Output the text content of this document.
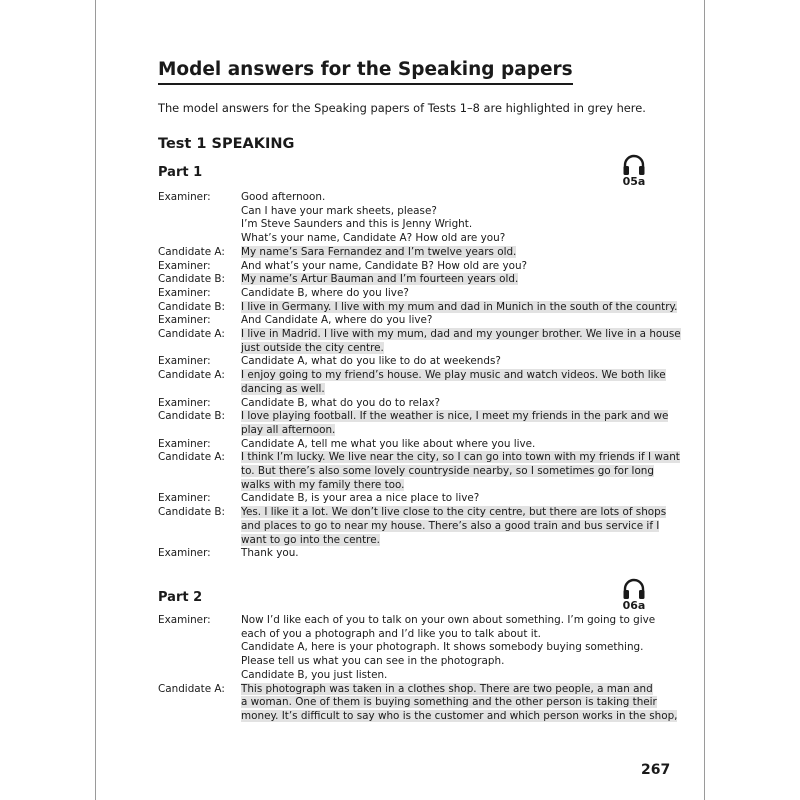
Model answers for the Speaking papers
The model answers for the Speaking papers of Tests 1–8 are highlighted in grey here.
Test 1 SPEAKING
Part 1
05a
Examiner:	Good afternoon.
Can I have your mark sheets, please?
I’m Steve Saunders and this is Jenny Wright.
What’s your name, Candidate A? How old are you?
Candidate A:	My name’s Sara Fernandez and I’m twelve years old.
Examiner:	And what’s your name, Candidate B? How old are you?
Candidate B:	My name’s Artur Bauman and I’m fourteen years old.
Examiner:	Candidate B, where do you live?
Candidate B:	I live in Germany. I live with my mum and dad in Munich in the south of the country.
Examiner:	And Candidate A, where do you live?
Candidate A:	I live in Madrid. I live with my mum, dad and my younger brother. We live in a house
just outside the city centre.
Examiner:	Candidate A, what do you like to do at weekends?
Candidate A:	I enjoy going to my friend’s house. We play music and watch videos. We both like
dancing as well.
Examiner:	Candidate B, what do you do to relax?
Candidate B:	I love playing football. If the weather is nice, I meet my friends in the park and we
play all afternoon.
Examiner:	Candidate A, tell me what you like about where you live.
Candidate A:	I think I’m lucky. We live near the city, so I can go into town with my friends if I want
to. But there’s also some lovely countryside nearby, so I sometimes go for long
walks with my family there too.
Examiner:	Candidate B, is your area a nice place to live?
Candidate B:	Yes. I like it a lot. We don’t live close to the city centre, but there are lots of shops
and places to go to near my house. There’s also a good train and bus service if I
want to go into the centre.
Examiner:	Thank you.
Part 2
06a
Examiner:	Now I’d like each of you to talk on your own about something. I’m going to give
each of you a photograph and I’d like you to talk about it.
Candidate A, here is your photograph. It shows somebody buying something.
Please tell us what you can see in the photograph.
Candidate B, you just listen.
Candidate A:	This photograph was taken in a clothes shop. There are two people, a man and
a woman. One of them is buying something and the other person is taking their
money. It’s difficult to say who is the customer and which person works in the shop,
267
